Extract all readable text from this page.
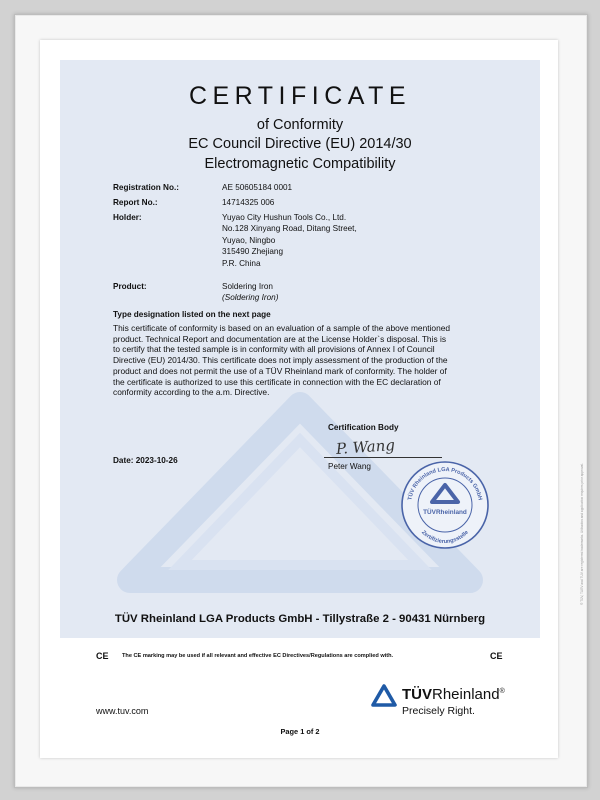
CERTIFICATE
of Conformity
EC Council Directive (EU) 2014/30
Electromagnetic Compatibility
Registration No.:	AE 50605184 0001
Report No.:	14714325 006
Holder:	Yuyao City Hushun Tools Co., Ltd.
No.128 Xinyang Road, Ditang Street,
Yuyao, Ningbo
315490 Zhejiang
P.R. China
Product:	Soldering Iron
(Soldering Iron)
Type designation listed on the next page
This certificate of conformity is based on an evaluation of a sample of the above mentioned
product. Technical Report and documentation are at the License Holder`s disposal. This is
to certify that the tested sample is in conformity with all provisions of Annex I of Council
Directive (EU) 2014/30. This certificate does not imply assessment of the production of the
product and does not permit the use of a TÜV Rheinland mark of conformity. The holder of
the certificate is authorized to use this certificate in connection with the EC declaration of
conformity according to the a.m. Directive.
Certification Body
P. Wang
Peter Wang
Date: 2023-10-26
TÜV Rheinland LGA Products GmbH
TÜVRheinland
Zertifizierungsstelle
TÜV Rheinland LGA Products GmbH - Tillystraße 2 - 90431 Nürnberg
CE The CE marking may be used if all relevant and effective EC Directives/Regulations are complied with.	CE
www.tuv.com
TÜVRheinland®
Precisely Right.
Page 1 of 2
